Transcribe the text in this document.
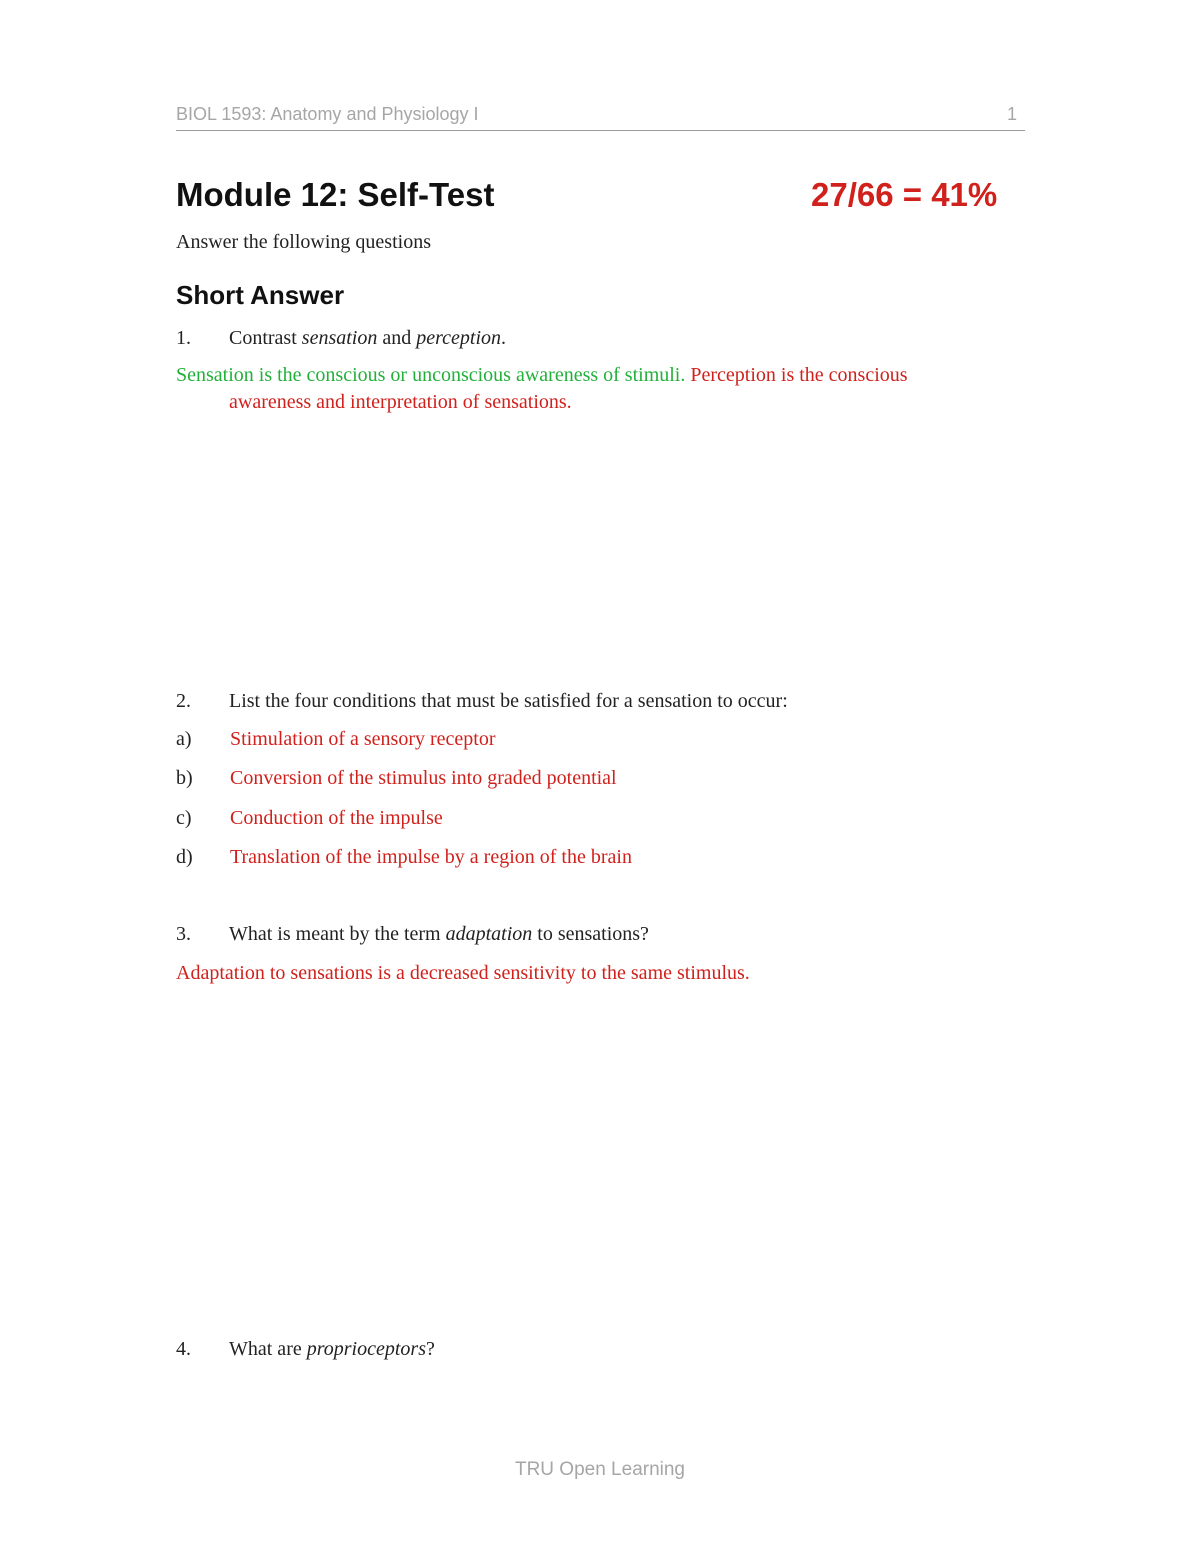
BIOL 1593: Anatomy and Physiology I	1
Module 12: Self-Test	27/66 = 41%
Answer the following questions
Short Answer
1. Contrast sensation and perception.
Sensation is the conscious or unconscious awareness of stimuli. Perception is the conscious
awareness and interpretation of sensations.
2. List the four conditions that must be satisfied for a sensation to occur:
a) Stimulation of a sensory receptor
b) Conversion of the stimulus into graded potential
c) Conduction of the impulse
d) Translation of the impulse by a region of the brain
3. What is meant by the term adaptation to sensations?
Adaptation to sensations is a decreased sensitivity to the same stimulus.
4. What are proprioceptors?
TRU Open Learning
